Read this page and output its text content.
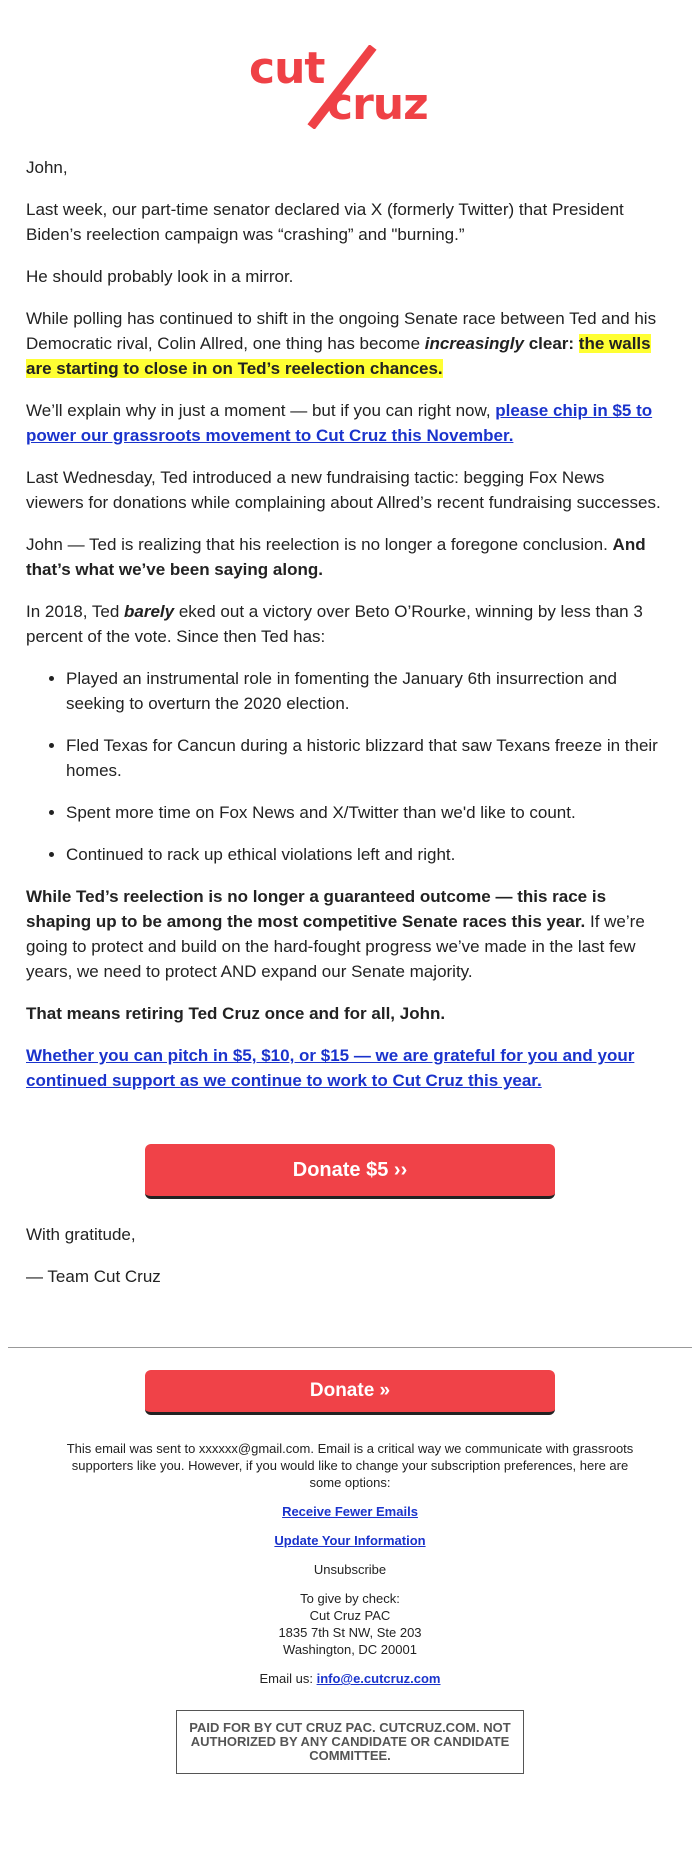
cut
cruz

John,

Last week, our part-time senator declared via X (formerly Twitter) that President Biden’s reelection campaign was “crashing” and "burning.”

He should probably look in a mirror.

While polling has continued to shift in the ongoing Senate race between Ted and his Democratic rival, Colin Allred, one thing has become increasingly clear: the walls are starting to close in on Ted’s reelection chances.

We’ll explain why in just a moment — but if you can right now, please chip in $5 to power our grassroots movement to Cut Cruz this November.

Last Wednesday, Ted introduced a new fundraising tactic: begging Fox News viewers for donations while complaining about Allred’s recent fundraising successes.

John — Ted is realizing that his reelection is no longer a foregone conclusion. And that’s what we’ve been saying along.

In 2018, Ted barely eked out a victory over Beto O’Rourke, winning by less than 3 percent of the vote. Since then Ted has:

• Played an instrumental role in fomenting the January 6th insurrection and seeking to overturn the 2020 election.
• Fled Texas for Cancun during a historic blizzard that saw Texans freeze in their homes.
• Spent more time on Fox News and X/Twitter than we'd like to count.
• Continued to rack up ethical violations left and right.

While Ted’s reelection is no longer a guaranteed outcome — this race is shaping up to be among the most competitive Senate races this year. If we’re going to protect and build on the hard-fought progress we’ve made in the last few years, we need to protect AND expand our Senate majority.

That means retiring Ted Cruz once and for all, John.

Whether you can pitch in $5, $10, or $15 — we are grateful for you and your continued support as we continue to work to Cut Cruz this year.

Donate $5 ››

With gratitude,

— Team Cut Cruz

Donate »

This email was sent to xxxxxx@gmail.com. Email is a critical way we communicate with grassroots supporters like you. However, if you would like to change your subscription preferences, here are some options:

Receive Fewer Emails

Update Your Information

Unsubscribe

To give by check:
Cut Cruz PAC
1835 7th St NW, Ste 203
Washington, DC 20001

Email us: info@e.cutcruz.com

PAID FOR BY CUT CRUZ PAC. CUTCRUZ.COM. NOT AUTHORIZED BY ANY CANDIDATE OR CANDIDATE COMMITTEE.
